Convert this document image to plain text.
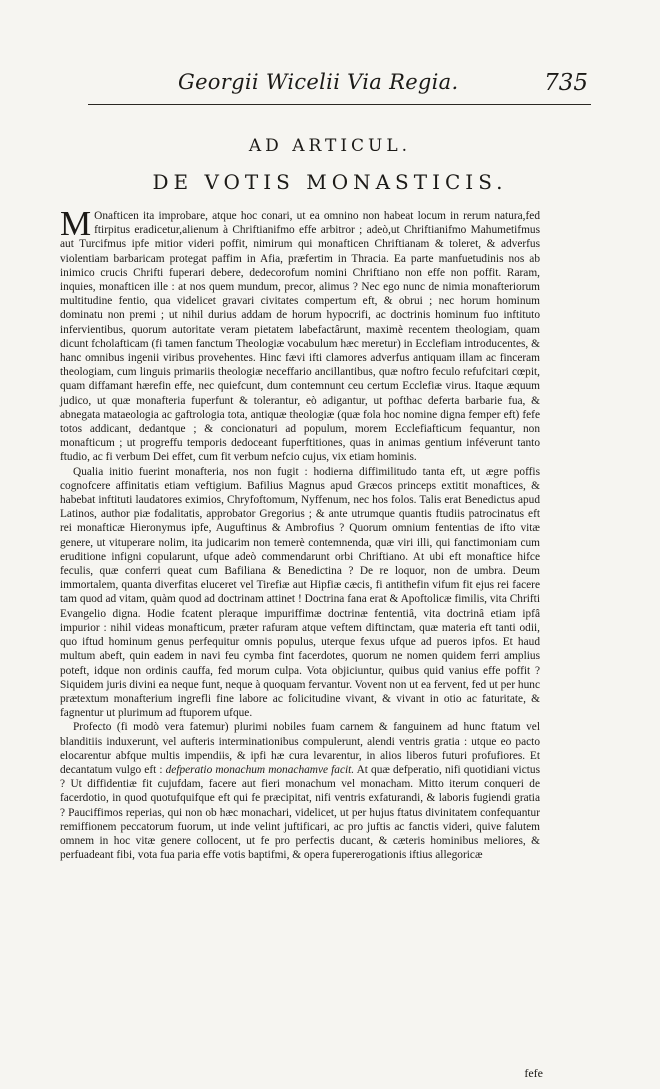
Georgii Wicelii Via Regia.	735
AD ARTICUL.
DE VOTIS MONASTICIS.

M Onafticen ita improbare, atque hoc conari, ut ea omnino non habeat locum in rerum natura,fed ftirpitus eradicetur,alienum à Chriftianifmo effe arbitror ; adeò,ut Chriftianifmo Mahumetifmus aut Turcifmus ipfe mitior videri poffit, nimirum qui monafticen Chriftianam & toleret, & adverfus violentiam barbaricam protegat paffim in Afia, præfertim in Thracia. Ea parte manfuetudinis nos ab inimico crucis Chrifti fuperari debere, dedecorofum nomini Chriftiano non effe non poffit. Raram, inquies, monafticen ille : at nos quem mundum, precor, alimus ? Nec ego nunc de nimia monafteriorum multitudine fentio, qua videlicet gravari civitates compertum eft, & obrui ; nec horum hominum dominatu non premi ; ut nihil durius addam de horum hypocrifi, ac doctrinis hominum fuo inftituto infervientibus, quorum autoritate veram pietatem labefactârunt, maximè recentem theologiam, quam dicunt fcholafticam (fi tamen fanctum Theologiæ vocabulum hæc meretur) in Ecclefiam introducentes, & hanc omnibus ingenii viribus provehentes. Hinc fævi ifti clamores adverfus antiquam illam ac finceram theologiam, cum linguis primariis theologiæ neceffario ancillantibus, quæ noftro feculo refufcitari cœpit, quam diffamant hærefin effe, nec quiefcunt, dum contemnunt ceu certum Ecclefiæ virus. Itaque æquum judico, ut quæ monafteria fuperfunt & tolerantur, eò adigantur, ut pofthac deferta barbarie fua, & abnegata mataeologia ac gaftrologia tota, antiquæ theologiæ (quæ fola hoc nomine digna femper eft) fefe totos addicant, dedantque ; & concionaturi ad populum, morem Ecclefiafticum fequantur, non monafticum ; ut progreffu temporis dedoceant fuperftitiones, quas in animas gentium inféverunt tanto ftudio, ac fi verbum Dei effet, cum fit verbum nefcio cujus, vix etiam hominis.

Qualia initio fuerint monafteria, nos non fugit : hodierna diffimilitudo tanta eft, ut ægre poffis cognofcere affinitatis etiam veftigium. Bafilius Magnus apud Græcos princeps extitit monaftices, & habebat inftituti laudatores eximios, Chryfoftomum, Nyffenum, nec hos folos. Talis erat Benedictus apud Latinos, author piæ fodalitatis, approbator Gregorius ; & ante utrumque quantis ftudiis patrocinatus eft rei monafticæ Hieronymus ipfe, Auguftinus & Ambrofius ? Quorum omnium fententias de ifto vitæ genere, ut vituperare nolim, ita judicarim non temerè contemnenda, quæ viri illi, qui fanctimoniam cum eruditione infigni copularunt, ufque adeò commendarunt orbi Chriftiano. At ubi eft monaftice hifce feculis, quæ conferri queat cum Bafiliana & Benedictina ? De re loquor, non de umbra. Deum immortalem, quanta diverfitas eluceret vel Tirefiæ aut Hipfiæ cæcis, fi antithefin vifum fit ejus rei facere tam quod ad vitam, quàm quod ad doctrinam attinet ! Doctrina fana erat & Apoftolicæ fimilis, vita Chrifti Evangelio digna. Hodie fcatent pleraque impuriffimæ doctrinæ fententiâ, vita doctrinâ etiam ipfâ impurior : nihil videas monafticum, præter rafuram atque veftem diftinctam, quæ materia eft tanti odii, quo iftud hominum genus perfequitur omnis populus, uterque fexus ufque ad pueros ipfos. Et haud multum abeft, quin eadem in navi feu cymba fint facerdotes, quorum ne nomen quidem ferri amplius poteft, idque non ordinis cauffa, fed morum culpa. Vota objiciuntur, quibus quid vanius effe poffit ? Siquidem juris divini ea neque funt, neque à quoquam fervantur. Vovent non ut ea fervent, fed ut per hunc prætextum monafterium ingrefli fine labore ac folicitudine vivant, & vivant in otio ac faturitate, & fagnentur ut plurimum ad ftuporem ufque.

Profecto (fi modò vera fatemur) plurimi nobiles fuam carnem & fanguinem ad hunc ftatum vel blanditiis induxerunt, vel aufteris interminationibus compulerunt, alendi ventris gratia : utque eo pacto elocarentur abfque multis impendiis, & ipfi hæ cura levarentur, in alios liberos futuri profufiores. Et decantatum vulgo eft : defperatio monachum monachamve facit. At quæ defperatio, nifi quotidiani victus ? Ut diffidentiæ fit cujufdam, facere aut fieri monachum vel monacham. Mitto iterum conqueri de facerdotio, in quod quotufquifque eft qui fe præcipitat, nifi ventris exfaturandi, & laboris fugiendi gratia ? Pauciffimos reperias, qui non ob hæc monachari, videlicet, ut per hujus ftatus divinitatem confequantur remiffionem peccatorum fuorum, ut inde velint juftificari, ac pro juftis ac fanctis videri, quive falutem omnem in hoc vitæ genere collocent, ut fe pro perfectis ducant, & cæteris hominibus meliores, & perfuadeant fibi, vota fua paria effe votis baptifmi, & opera fupererogationis iftius allegoricæ

fefe
